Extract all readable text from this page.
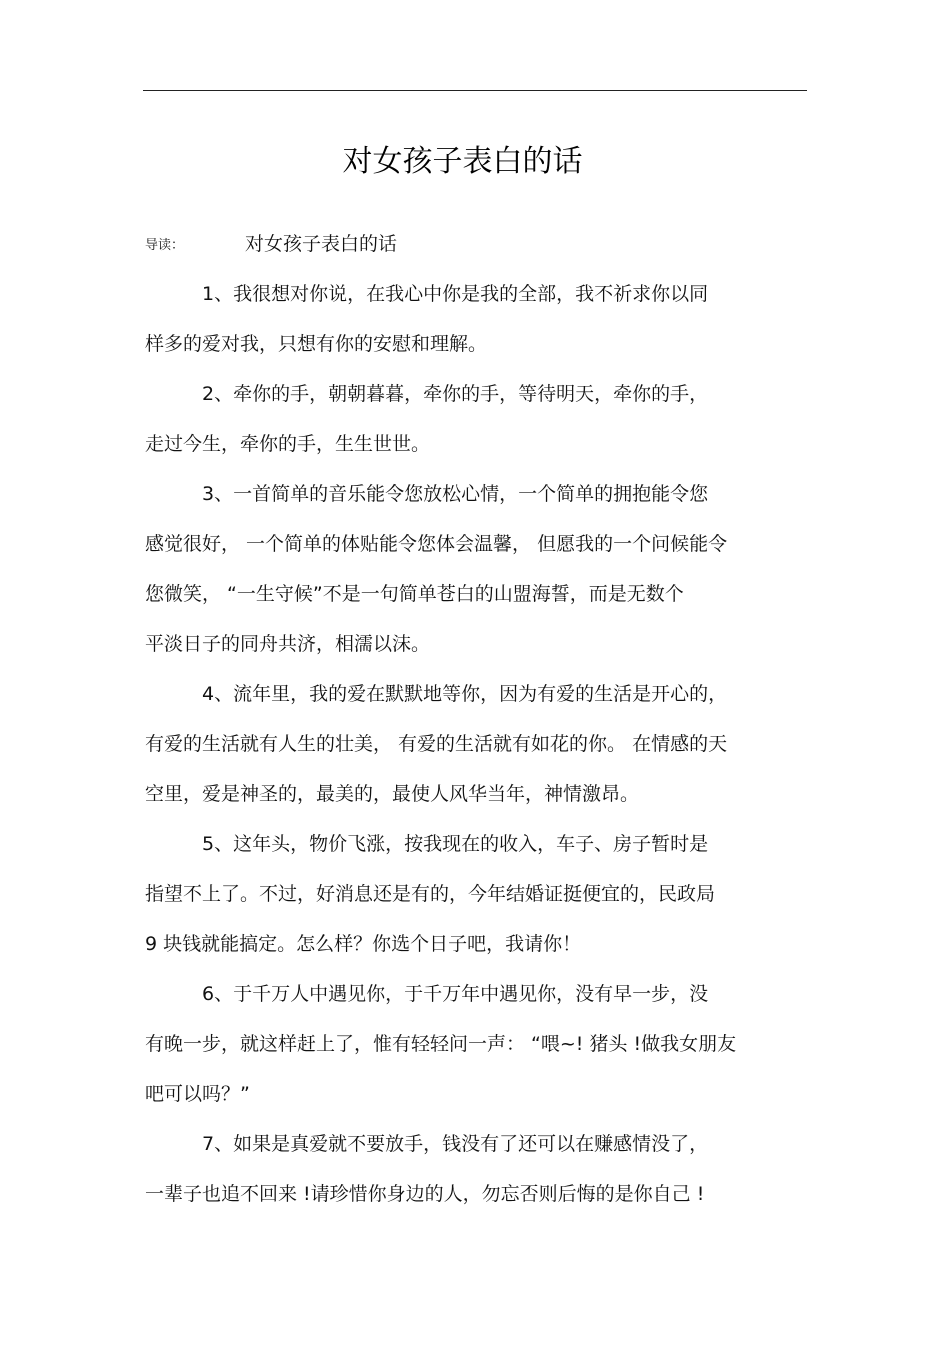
对女孩子表白的话
导读：	对女孩子表白的话
1、我很想对你说，在我心中你是我的全部，我不祈求你以同
样多的爱对我，只想有你的安慰和理解。
2、牵你的手，朝朝暮暮，牵你的手，等待明天，牵你的手，
走过今生，牵你的手，生生世世。
3、一首简单的音乐能令您放松心情，一个简单的拥抱能令您
感觉很好， 一个简单的体贴能令您体会温馨， 但愿我的一个问候能令
您微笑， “一生守候”不是一句简单苍白的山盟海誓，而是无数个
平淡日子的同舟共济，相濡以沫。
4、流年里，我的爱在默默地等你，因为有爱的生活是开心的，
有爱的生活就有人生的壮美， 有爱的生活就有如花的你。 在情感的天
空里，爱是神圣的，最美的，最使人风华当年，神情激昂。
5、这年头，物价飞涨，按我现在的收入，车子、房子暂时是
指望不上了。不过，好消息还是有的，今年结婚证挺便宜的，民政局
9 块钱就能搞定。怎么样？你选个日子吧，我请你！
6、于千万人中遇见你，于千万年中遇见你，没有早一步，没
有晚一步，就这样赶上了，惟有轻轻问一声： “喂~! 猪头 !做我女朋友
吧可以吗？”
7、如果是真爱就不要放手，钱没有了还可以在赚感情没了，
一辈子也追不回来 !请珍惜你身边的人，勿忘否则后悔的是你自己 !
